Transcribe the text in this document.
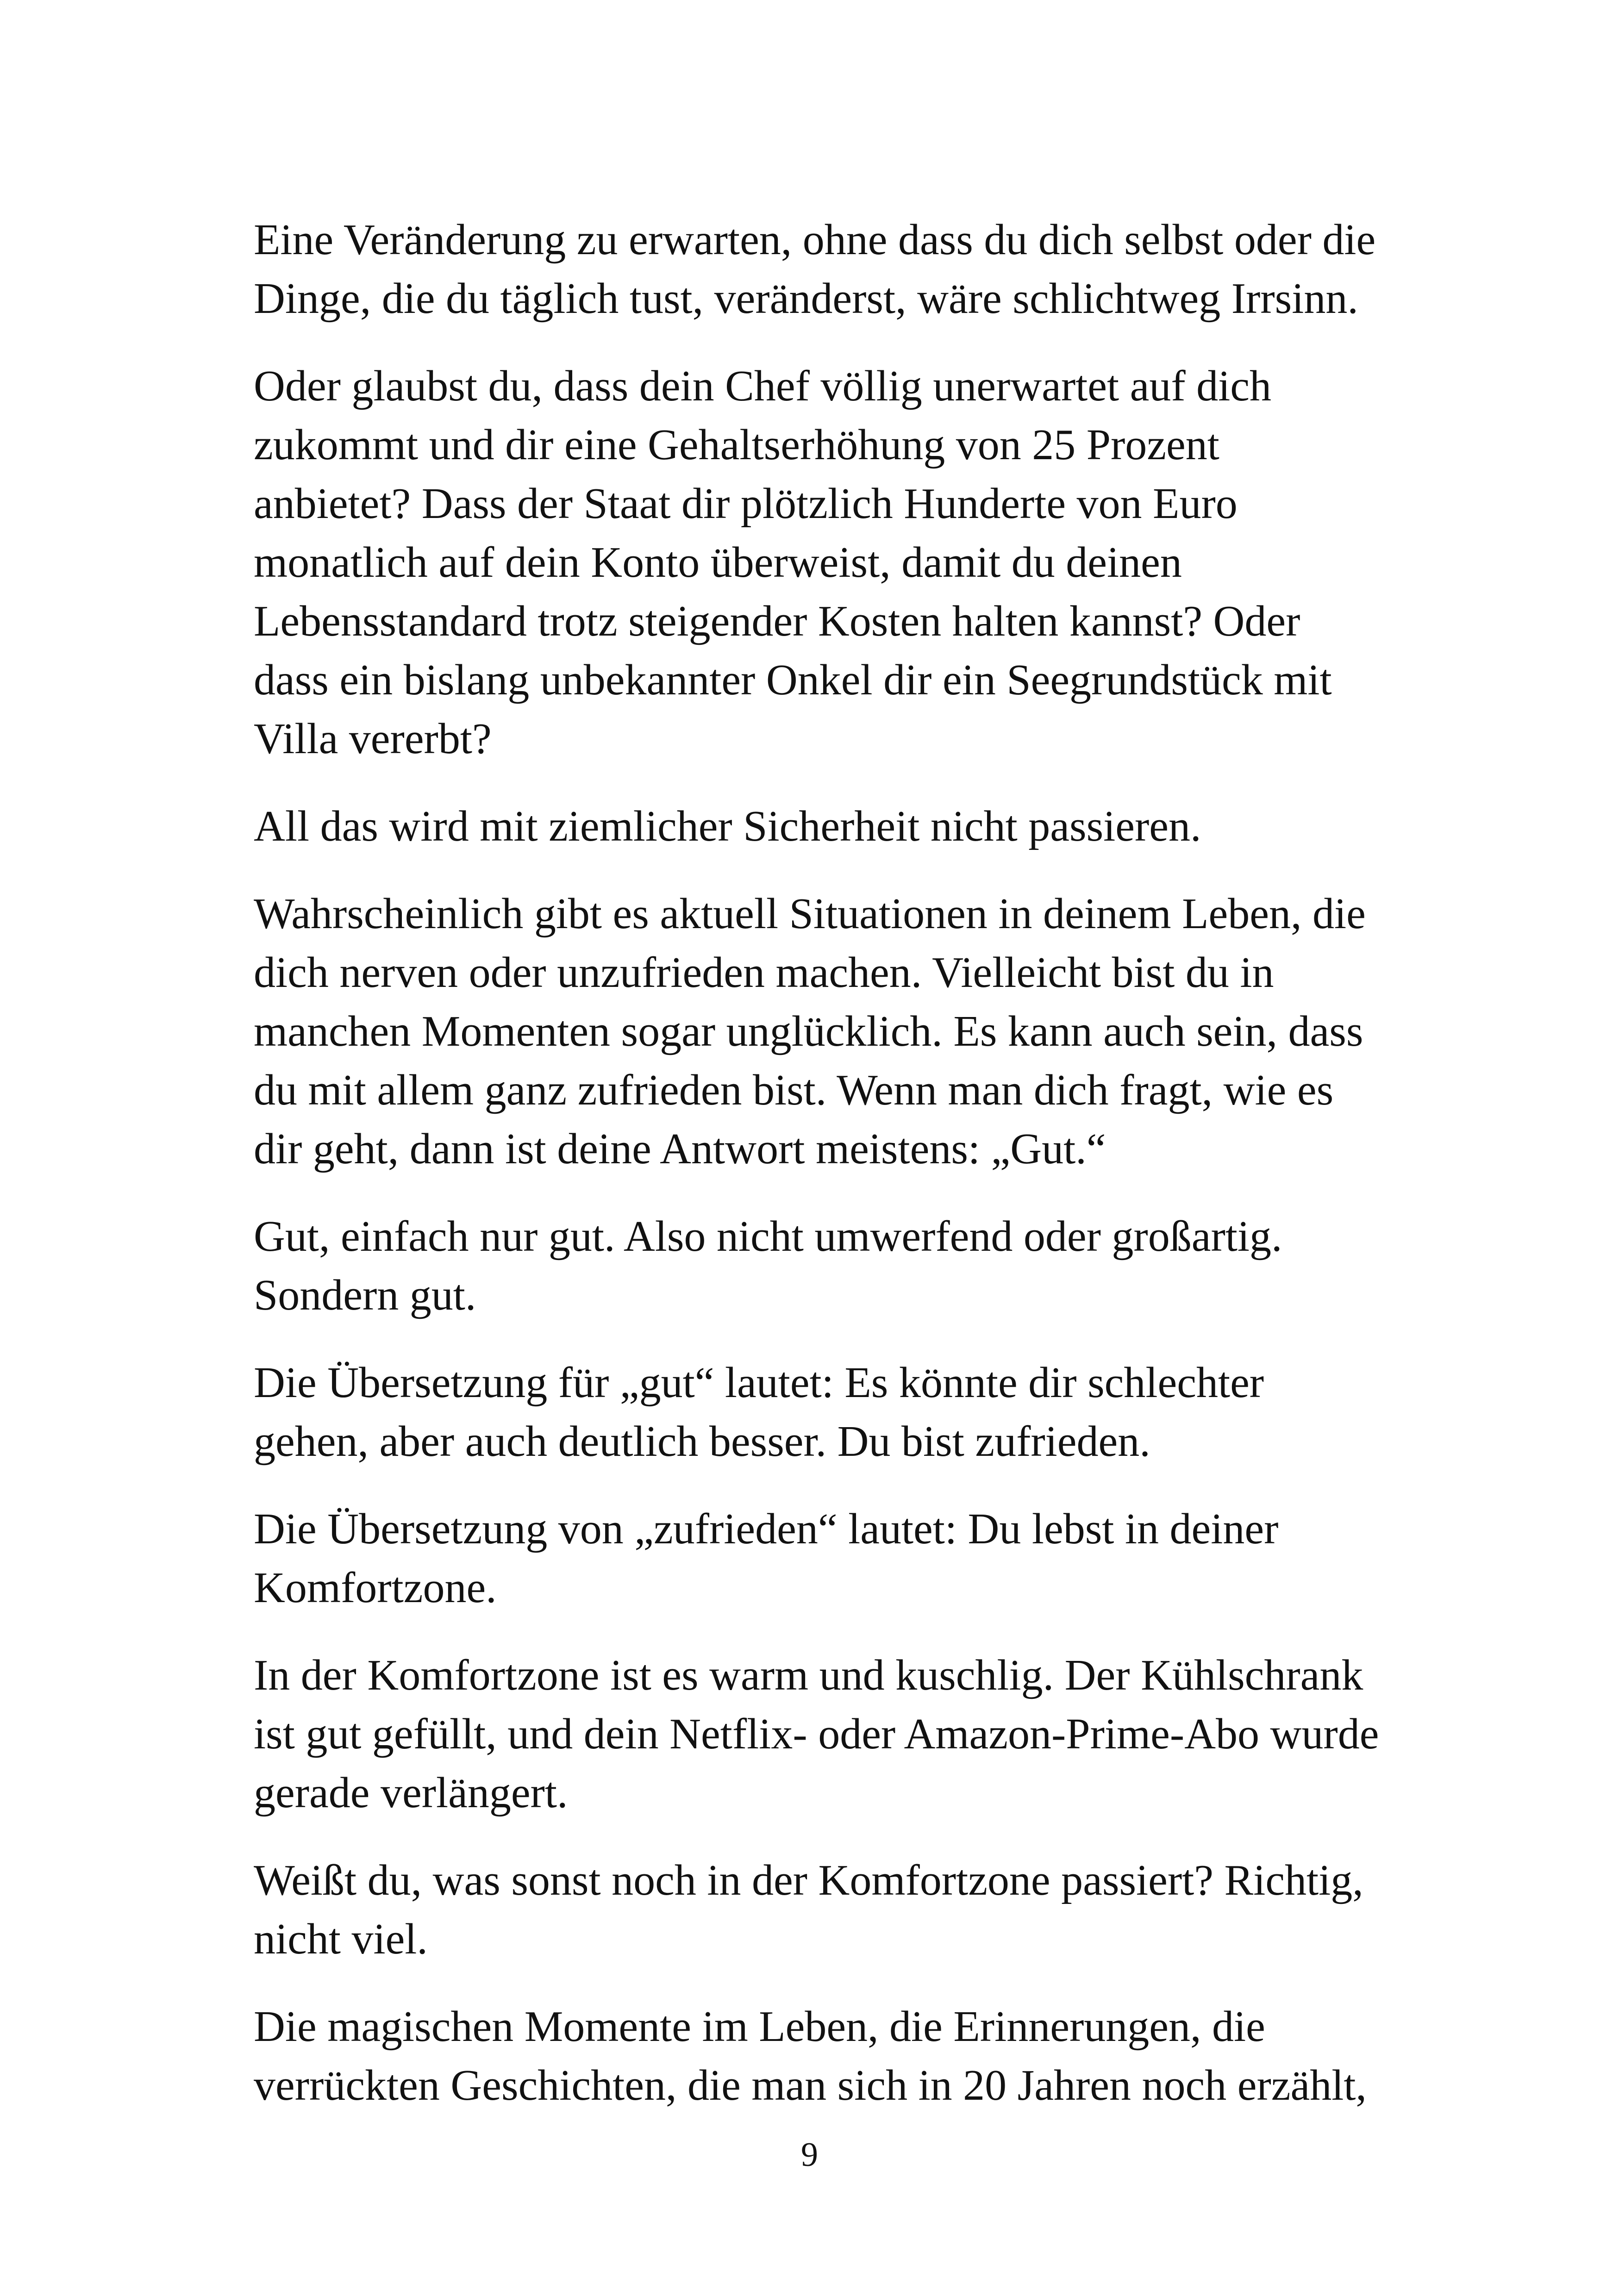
Eine Veränderung zu erwarten, ohne dass du dich selbst oder die
Dinge, die du täglich tust, veränderst, wäre schlichtweg Irrsinn.

Oder glaubst du, dass dein Chef völlig unerwartet auf dich
zukommt und dir eine Gehaltserhöhung von 25 Prozent
anbietet? Dass der Staat dir plötzlich Hunderte von Euro
monatlich auf dein Konto überweist, damit du deinen
Lebensstandard trotz steigender Kosten halten kannst? Oder
dass ein bislang unbekannter Onkel dir ein Seegrundstück mit
Villa vererbt?

All das wird mit ziemlicher Sicherheit nicht passieren.

Wahrscheinlich gibt es aktuell Situationen in deinem Leben, die
dich nerven oder unzufrieden machen. Vielleicht bist du in
manchen Momenten sogar unglücklich. Es kann auch sein, dass
du mit allem ganz zufrieden bist. Wenn man dich fragt, wie es
dir geht, dann ist deine Antwort meistens: „Gut.“

Gut, einfach nur gut. Also nicht umwerfend oder großartig.
Sondern gut.

Die Übersetzung für „gut“ lautet: Es könnte dir schlechter
gehen, aber auch deutlich besser. Du bist zufrieden.

Die Übersetzung von „zufrieden“ lautet: Du lebst in deiner
Komfortzone.

In der Komfortzone ist es warm und kuschlig. Der Kühlschrank
ist gut gefüllt, und dein Netflix- oder Amazon-Prime-Abo wurde
gerade verlängert.

Weißt du, was sonst noch in der Komfortzone passiert? Richtig,
nicht viel.

Die magischen Momente im Leben, die Erinnerungen, die
verrückten Geschichten, die man sich in 20 Jahren noch erzählt,

9
